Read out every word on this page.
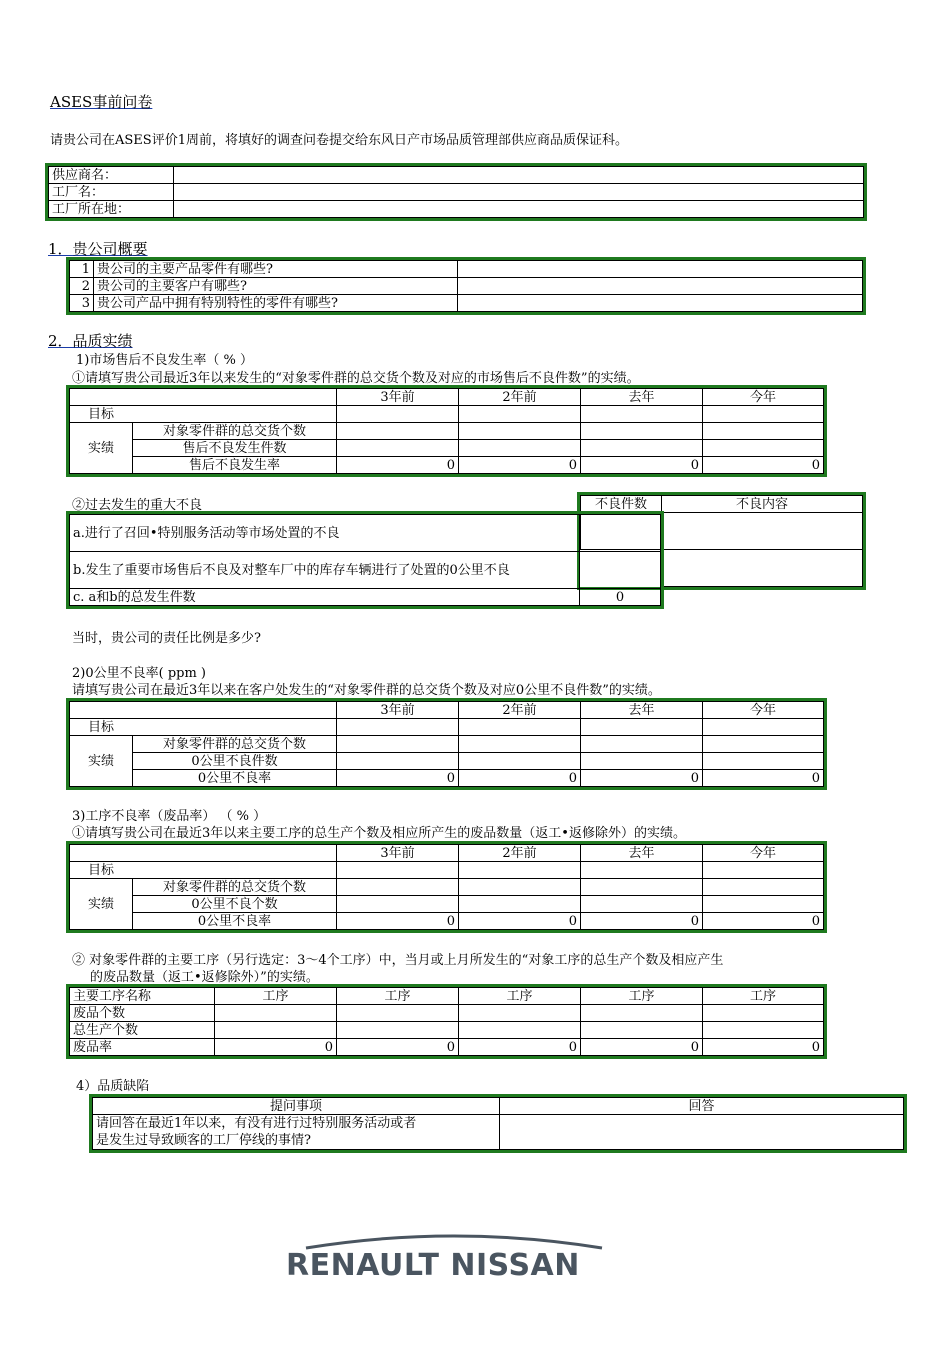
ASES事前问卷
请贵公司在ASES评价1周前，将填好的调查问卷提交给东风日产市场品质管理部供应商品质保证科。
供应商名：	
工厂名：	
工厂所在地：	
1．贵公司概要
1	贵公司的主要产品零件有哪些?	
2	贵公司的主要客户有哪些?	
3	贵公司产品中拥有特别特性的零件有哪些?	
2．品质实绩
1)市场售后不良发生率（ % ）
①请填写贵公司最近3年以来发生的“对象零件群的总交货个数及对应的市场售后不良件数”的实绩。
		3年前	2年前	去年	今年
目标					
实绩	对象零件群的总交货个数				
	售后不良发生件数				
	售后不良发生率	0	0	0	0
②过去发生的重大不良	不良件数	不良内容

a.进行了召回•特别服务活动等市场处置的不良	
b.发生了重要市场售后不良及对整车厂中的库存车辆进行了处置的0公里不良	
c. a和b的总发生件数	0
当时，贵公司的责任比例是多少?
2)0公里不良率( ppm )
请填写贵公司在最近3年以来在客户处发生的“对象零件群的总交货个数及对应0公里不良件数”的实绩。
		3年前	2年前	去年	今年
目标					
实绩	对象零件群的总交货个数				
	0公里不良件数				
	0公里不良率	0	0	0	0
3)工序不良率（废品率） （ % ）
①请填写贵公司在最近3年以来主要工序的总生产个数及相应所产生的废品数量（返工•返修除外）的实绩。
		3年前	2年前	去年	今年
目标					
实绩	对象零件群的总交货个数				
	0公里不良个数				
	0公里不良率	0	0	0	0
② 对象零件群的主要工序（另行选定：3～4个工序）中，当月或上月所发生的“对象工序的总生产个数及相应产生
的废品数量（返工•返修除外）”的实绩。
主要工序名称	工序	工序	工序	工序	工序
废品个数					
总生产个数					
废品率	0	0	0	0	0
4）品质缺陷
提问事项	回答

请回答在最近1年以来，有没有进行过特别服务活动或者
是发生过导致顾客的工厂停线的事情?	

RENAULT NISSAN
